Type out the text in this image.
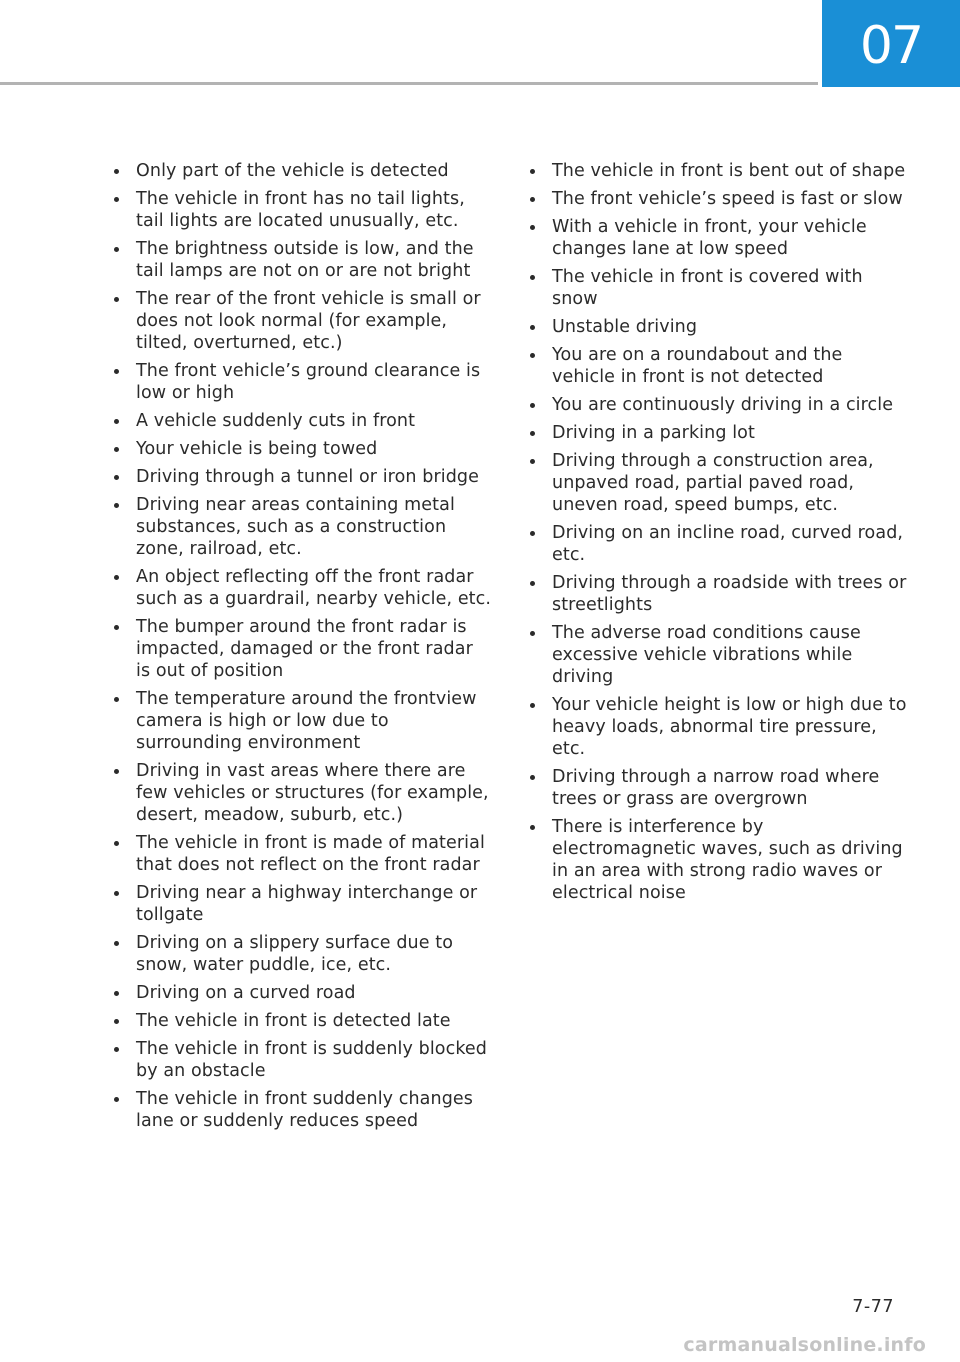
07
Only part of the vehicle is detected
The vehicle in front has no tail lights, tail lights are located unusually, etc.
The brightness outside is low, and the tail lamps are not on or are not bright
The rear of the front vehicle is small or does not look normal (for example, tilted, overturned, etc.)
The front vehicle’s ground clearance is low or high
A vehicle suddenly cuts in front
Your vehicle is being towed
Driving through a tunnel or iron bridge
Driving near areas containing metal substances, such as a construction zone, railroad, etc.
An object reflecting off the front radar such as a guardrail, nearby vehicle, etc.
The bumper around the front radar is impacted, damaged or the front radar is out of position
The temperature around the frontview camera is high or low due to surrounding environment
Driving in vast areas where there are few vehicles or structures (for example, desert, meadow, suburb, etc.)
The vehicle in front is made of material that does not reflect on the front radar
Driving near a highway interchange or tollgate
Driving on a slippery surface due to snow, water puddle, ice, etc.
Driving on a curved road
The vehicle in front is detected late
The vehicle in front is suddenly blocked by an obstacle
The vehicle in front suddenly changes lane or suddenly reduces speed
The vehicle in front is bent out of shape
The front vehicle’s speed is fast or slow
With a vehicle in front, your vehicle changes lane at low speed
The vehicle in front is covered with snow
Unstable driving
You are on a roundabout and the vehicle in front is not detected
You are continuously driving in a circle
Driving in a parking lot
Driving through a construction area, unpaved road, partial paved road, uneven road, speed bumps, etc.
Driving on an incline road, curved road, etc.
Driving through a roadside with trees or streetlights
The adverse road conditions cause excessive vehicle vibrations while driving
Your vehicle height is low or high due to heavy loads, abnormal tire pressure, etc.
Driving through a narrow road where trees or grass are overgrown
There is interference by electromagnetic waves, such as driving in an area with strong radio waves or electrical noise
7-77
carmanualsonline.info
